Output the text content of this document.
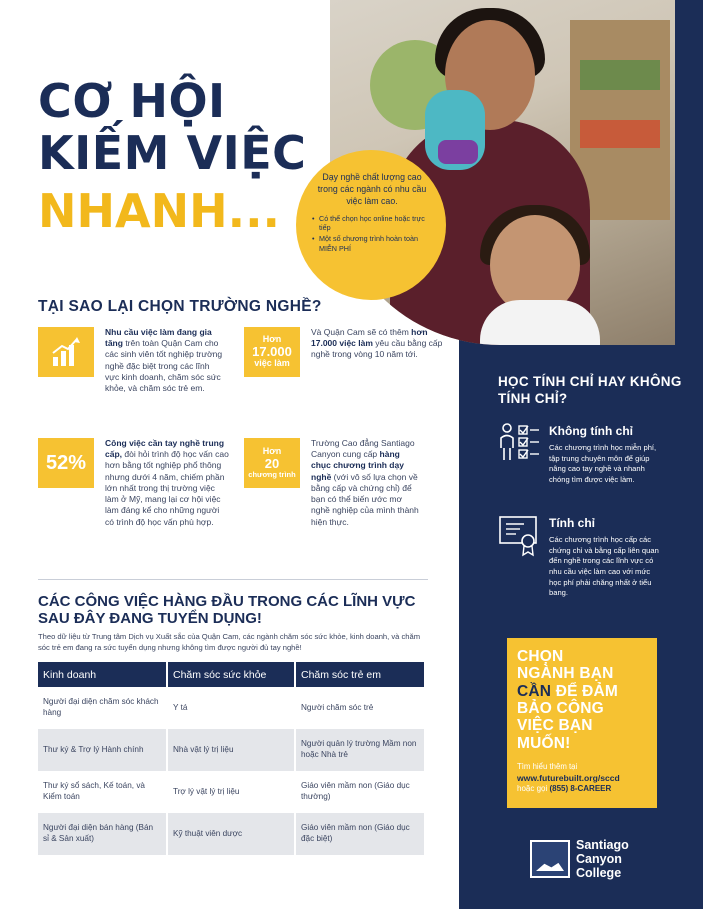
CƠ HỘI
KIẾM VIỆC
NHANH...
Dạy nghề chất lượng cao trong các ngành có nhu cầu việc làm cao.
• Có thể chọn học online hoặc trực tiếp
• Một số chương trình hoàn toàn MIỄN PHÍ
TẠI SAO LẠI CHỌN TRƯỜNG NGHỀ?
Nhu cầu việc làm đang gia tăng trên toàn Quận Cam cho các sinh viên tốt nghiệp trường nghề đặc biệt trong các lĩnh vực kinh doanh, chăm sóc sức khỏe, và chăm sóc trẻ em.
Hơn
17.000
việc làm
Và Quận Cam sẽ có thêm hơn 17.000 việc làm yêu cầu bằng cấp nghề trong vòng 10 năm tới.
52%
Công việc cần tay nghề trung cấp, đòi hỏi trình độ học vấn cao hơn bằng tốt nghiệp phổ thông nhưng dưới 4 năm, chiếm phần lớn nhất trong thị trường việc làm ở Mỹ, mang lại cơ hội việc làm đáng kể cho những người có trình độ học vấn phù hợp.
Hơn
20
chương trình
Trường Cao đẳng Santiago Canyon cung cấp hàng chục chương trình dạy nghề (với vô số lựa chọn về bằng cấp và chứng chỉ) để bạn có thể biến ước mơ nghề nghiệp của mình thành hiện thực.
CÁC CÔNG VIỆC HÀNG ĐẦU TRONG CÁC LĨNH VỰC SAU ĐÂY ĐANG TUYỂN DỤNG!
Theo dữ liệu từ Trung tâm Dịch vụ Xuất sắc của Quận Cam, các ngành chăm sóc sức khỏe, kinh doanh, và chăm sóc trẻ em đang ra sức tuyển dụng nhưng không tìm được người đủ tay nghề!
Kinh doanh	Chăm sóc sức khỏe	Chăm sóc trẻ em
Người đại diện chăm sóc khách hàng	Y tá	Người chăm sóc trẻ
Thư ký & Trợ lý Hành chính	Nhà vật lý trị liệu	Người quản lý trường Mầm non hoặc Nhà trẻ
Thư ký sổ sách, Kế toán, và Kiểm toán	Trợ lý vật lý trị liệu	Giáo viên mầm non (Giáo dục thường)
Người đại diện bán hàng (Bán sỉ & Sản xuất)	Kỹ thuật viên dược	Giáo viên mầm non (Giáo dục đặc biệt)
HỌC TÍNH CHỈ HAY KHÔNG TÍNH CHỈ?
Không tính chỉ
Các chương trình học miễn phí, tập trung chuyên môn để giúp nâng cao tay nghề và nhanh chóng tìm được việc làm.
Tính chỉ
Các chương trình học cấp các chứng chỉ và bằng cấp liên quan đến nghề trong các lĩnh vực có nhu cầu việc làm cao với mức học phí phải chăng nhất ở tiểu bang.
CHỌN
NGÀNH BẠN
CẦN ĐỂ ĐẢM
BẢO CÔNG
VIỆC BẠN
MUỐN!
Tìm hiểu thêm tại
www.futurebuilt.org/sccd
hoặc gọi (855) 8-CAREER
Santiago
Canyon
College
